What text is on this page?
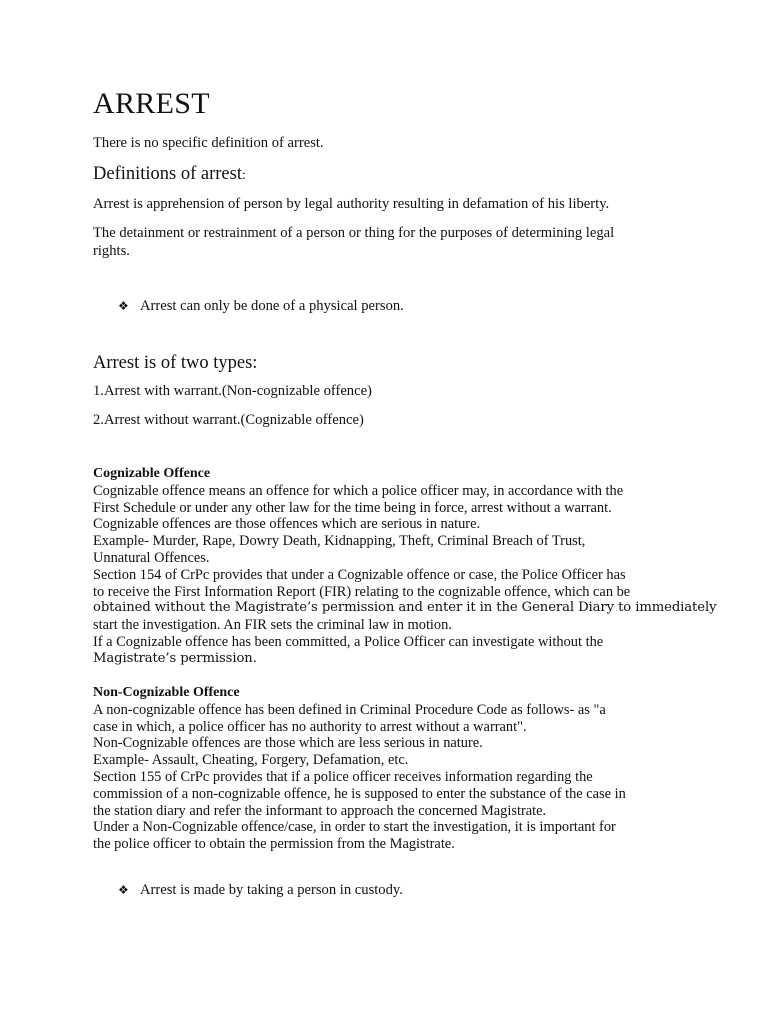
ARREST

There is no specific definition of arrest.

Definitions of arrest:

Arrest is apprehension of person by legal authority resulting in defamation of his liberty.

The detainment or restrainment of a person or thing for the purposes of determining legal

rights.

❖ Arrest can only be done of a physical person.

Arrest is of two types:

1.Arrest with warrant.(Non-cognizable offence)

2.Arrest without warrant.(Cognizable offence)

Cognizable Offence
Cognizable offence means an offence for which a police officer may, in accordance with the
First Schedule or under any other law for the time being in force, arrest without a warrant.
Cognizable offences are those offences which are serious in nature.
Example- Murder, Rape, Dowry Death, Kidnapping, Theft, Criminal Breach of Trust,
Unnatural Offences.
Section 154 of CrPc provides that under a Cognizable offence or case, the Police Officer has
to receive the First Information Report (FIR) relating to the cognizable offence, which can be
obtained without the Magistrate’s permission and enter it in the General Diary to immediately
start the investigation. An FIR sets the criminal law in motion.
If a Cognizable offence has been committed, a Police Officer can investigate without the
Magistrate’s permission.
Non-Cognizable Offence
A non-cognizable offence has been defined in Criminal Procedure Code as follows- as "a
case in which, a police officer has no authority to arrest without a warrant".
Non-Cognizable offences are those which are less serious in nature.
Example- Assault, Cheating, Forgery, Defamation, etc.
Section 155 of CrPc provides that if a police officer receives information regarding the
commission of a non-cognizable offence, he is supposed to enter the substance of the case in
the station diary and refer the informant to approach the concerned Magistrate.
Under a Non-Cognizable offence/case, in order to start the investigation, it is important for
the police officer to obtain the permission from the Magistrate.

❖ Arrest is made by taking a person in custody.
